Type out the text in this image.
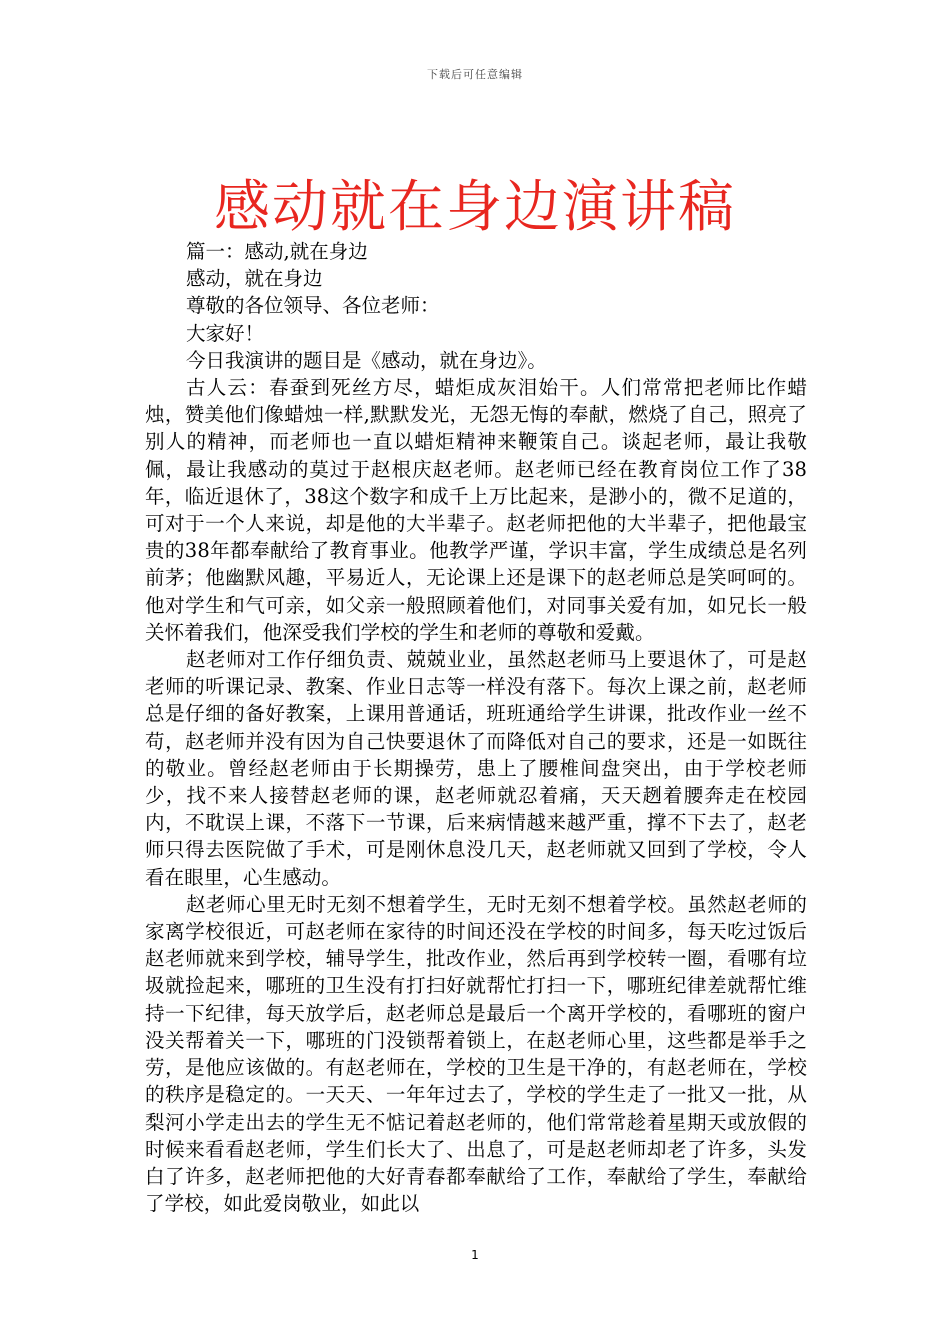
下载后可任意编辑
感动就在身边演讲稿

篇一：感动,就在身边

感动，就在身边

尊敬的各位领导、各位老师：

大家好！

今日我演讲的题目是《感动，就在身边》。

古人云：春蚕到死丝方尽，蜡炬成灰泪始干。人们常常把老师比作蜡烛，赞美他们像蜡烛一样,默默发光，无怨无悔的奉献，燃烧了自己，照亮了别人的精神，而老师也一直以蜡炬精神来鞭策自己。谈起老师，最让我敬佩，最让我感动的莫过于赵根庆赵老师。赵老师已经在教育岗位工作了38年，临近退休了，38这个数字和成千上万比起来，是渺小的，微不足道的，可对于一个人来说，却是他的大半辈子。赵老师把他的大半辈子，把他最宝贵的38年都奉献给了教育事业。他教学严谨，学识丰富，学生成绩总是名列前茅；他幽默风趣，平易近人，无论课上还是课下的赵老师总是笑呵呵的。他对学生和气可亲，如父亲一般照顾着他们，对同事关爱有加，如兄长一般关怀着我们，他深受我们学校的学生和老师的尊敬和爱戴。

赵老师对工作仔细负责、兢兢业业，虽然赵老师马上要退休了，可是赵老师的听课记录、教案、作业日志等一样没有落下。每次上课之前，赵老师总是仔细的备好教案，上课用普通话，班班通给学生讲课，批改作业一丝不苟，赵老师并没有因为自己快要退休了而降低对自己的要求，还是一如既往的敬业。曾经赵老师由于长期操劳，患上了腰椎间盘突出，由于学校老师少，找不来人接替赵老师的课，赵老师就忍着痛，天天趔着腰奔走在校园内，不耽误上课，不落下一节课，后来病情越来越严重，撑不下去了，赵老师只得去医院做了手术，可是刚休息没几天，赵老师就又回到了学校，令人看在眼里，心生感动。

赵老师心里无时无刻不想着学生，无时无刻不想着学校。虽然赵老师的家离学校很近，可赵老师在家待的时间还没在学校的时间多，每天吃过饭后赵老师就来到学校，辅导学生，批改作业，然后再到学校转一圈，看哪有垃圾就捡起来，哪班的卫生没有打扫好就帮忙打扫一下，哪班纪律差就帮忙维持一下纪律，每天放学后，赵老师总是最后一个离开学校的，看哪班的窗户没关帮着关一下，哪班的门没锁帮着锁上，在赵老师心里，这些都是举手之劳，是他应该做的。有赵老师在，学校的卫生是干净的，有赵老师在，学校的秩序是稳定的。一天天、一年年过去了，学校的学生走了一批又一批，从梨河小学走出去的学生无不惦记着赵老师的，他们常常趁着星期天或放假的时候来看看赵老师，学生们长大了、出息了，可是赵老师却老了许多，头发白了许多，赵老师把他的大好青春都奉献给了工作，奉献给了学生，奉献给了学校，如此爱岗敬业，如此以

1
